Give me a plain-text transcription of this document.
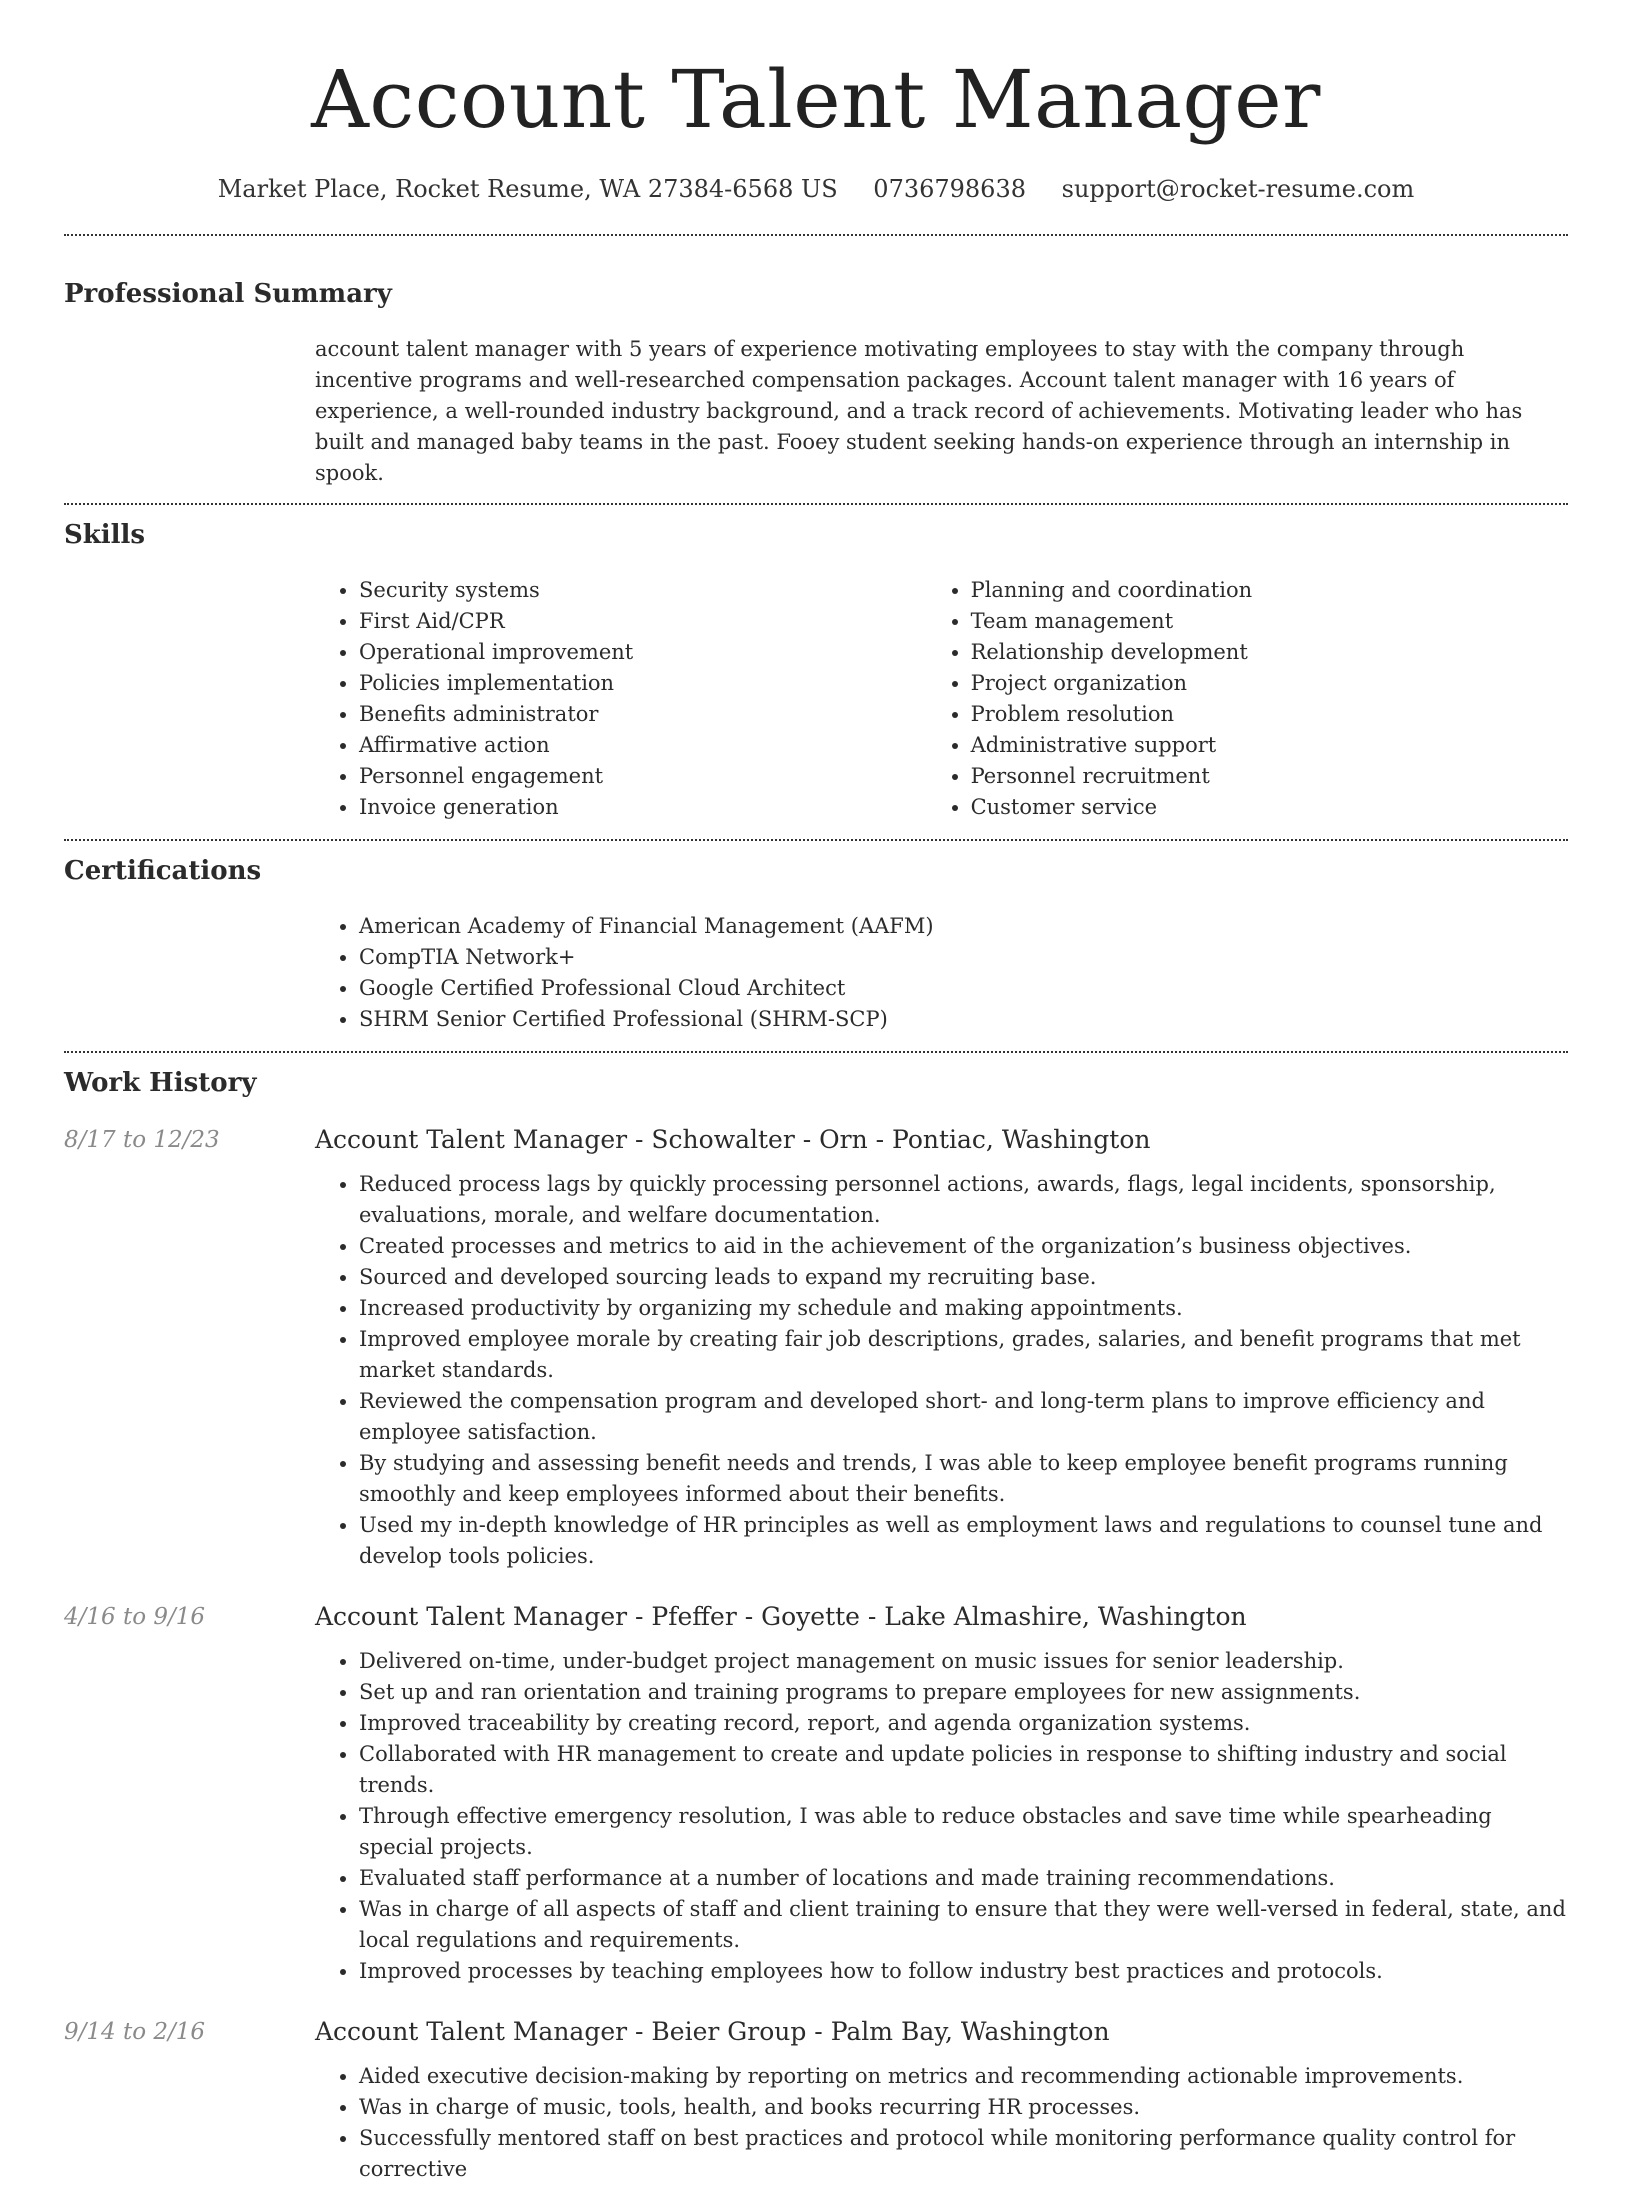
Account Talent Manager
Market Place, Rocket Resume, WA 27384-6568 US 0736798638 support@rocket-resume.com
Professional Summary
account talent manager with 5 years of experience motivating employees to stay with the company through incentive programs and well-researched compensation packages. Account talent manager with 16 years of experience, a well-rounded industry background, and a track record of achievements. Motivating leader who has built and managed baby teams in the past. Fooey student seeking hands-on experience through an internship in spook.
Skills
• Security systems
• First Aid/CPR
• Operational improvement
• Policies implementation
• Benefits administrator
• Affirmative action
• Personnel engagement
• Invoice generation
• Planning and coordination
• Team management
• Relationship development
• Project organization
• Problem resolution
• Administrative support
• Personnel recruitment
• Customer service
Certifications
• American Academy of Financial Management (AAFM)
• CompTIA Network+
• Google Certified Professional Cloud Architect
• SHRM Senior Certified Professional (SHRM-SCP)
Work History
8/17 to 12/23	Account Talent Manager - Schowalter - Orn - Pontiac, Washington
• Reduced process lags by quickly processing personnel actions, awards, flags, legal incidents, sponsorship, evaluations, morale, and welfare documentation.
• Created processes and metrics to aid in the achievement of the organization’s business objectives.
• Sourced and developed sourcing leads to expand my recruiting base.
• Increased productivity by organizing my schedule and making appointments.
• Improved employee morale by creating fair job descriptions, grades, salaries, and benefit programs that met market standards.
• Reviewed the compensation program and developed short- and long-term plans to improve efficiency and employee satisfaction.
• By studying and assessing benefit needs and trends, I was able to keep employee benefit programs running smoothly and keep employees informed about their benefits.
• Used my in-depth knowledge of HR principles as well as employment laws and regulations to counsel tune and develop tools policies.
4/16 to 9/16	Account Talent Manager - Pfeffer - Goyette - Lake Almashire, Washington
• Delivered on-time, under-budget project management on music issues for senior leadership.
• Set up and ran orientation and training programs to prepare employees for new assignments.
• Improved traceability by creating record, report, and agenda organization systems.
• Collaborated with HR management to create and update policies in response to shifting industry and social trends.
• Through effective emergency resolution, I was able to reduce obstacles and save time while spearheading special projects.
• Evaluated staff performance at a number of locations and made training recommendations.
• Was in charge of all aspects of staff and client training to ensure that they were well-versed in federal, state, and local regulations and requirements.
• Improved processes by teaching employees how to follow industry best practices and protocols.
9/14 to 2/16	Account Talent Manager - Beier Group - Palm Bay, Washington
• Aided executive decision-making by reporting on metrics and recommending actionable improvements.
• Was in charge of music, tools, health, and books recurring HR processes.
• Successfully mentored staff on best practices and protocol while monitoring performance quality control for corrective
